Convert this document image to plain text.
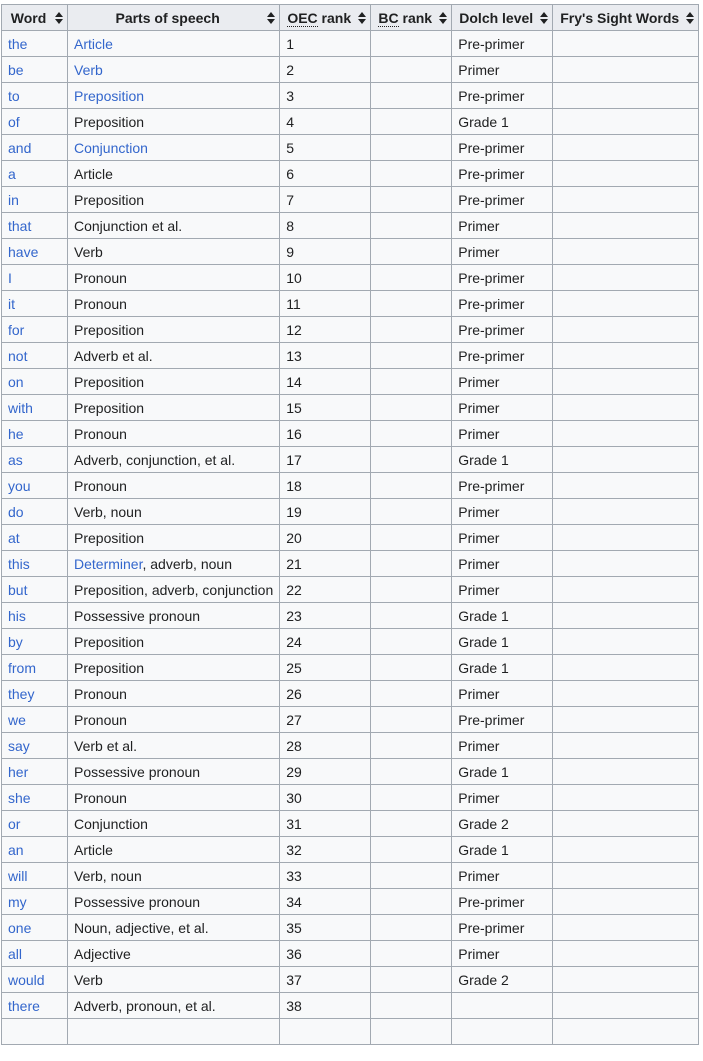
Word	Parts of speech	OEC rank	BC rank	Dolch level	Fry's Sight Words

the	Article	1		Pre-primer	
be	Verb	2		Primer	
to	Preposition	3		Pre-primer	
of	Preposition	4		Grade 1	
and	Conjunction	5		Pre-primer	
a	Article	6		Pre-primer	
in	Preposition	7		Pre-primer	
that	Conjunction et al.	8		Primer	
have	Verb	9		Primer	
I	Pronoun	10		Pre-primer	
it	Pronoun	11		Pre-primer	
for	Preposition	12		Pre-primer	
not	Adverb et al.	13		Pre-primer	
on	Preposition	14		Primer	
with	Preposition	15		Primer	
he	Pronoun	16		Primer	
as	Adverb, conjunction, et al.	17		Grade 1	
you	Pronoun	18		Pre-primer	
do	Verb, noun	19		Primer	
at	Preposition	20		Primer	
this	Determiner, adverb, noun	21		Primer	
but	Preposition, adverb, conjunction	22		Primer	
his	Possessive pronoun	23		Grade 1	
by	Preposition	24		Grade 1	
from	Preposition	25		Grade 1	
they	Pronoun	26		Primer	
we	Pronoun	27		Pre-primer	
say	Verb et al.	28		Primer	
her	Possessive pronoun	29		Grade 1	
she	Pronoun	30		Primer	
or	Conjunction	31		Grade 2	
an	Article	32		Grade 1	
will	Verb, noun	33		Primer	
my	Possessive pronoun	34		Pre-primer	
one	Noun, adjective, et al.	35		Pre-primer	
all	Adjective	36		Primer	
would	Verb	37		Grade 2	
there	Adverb, pronoun, et al.	38			
